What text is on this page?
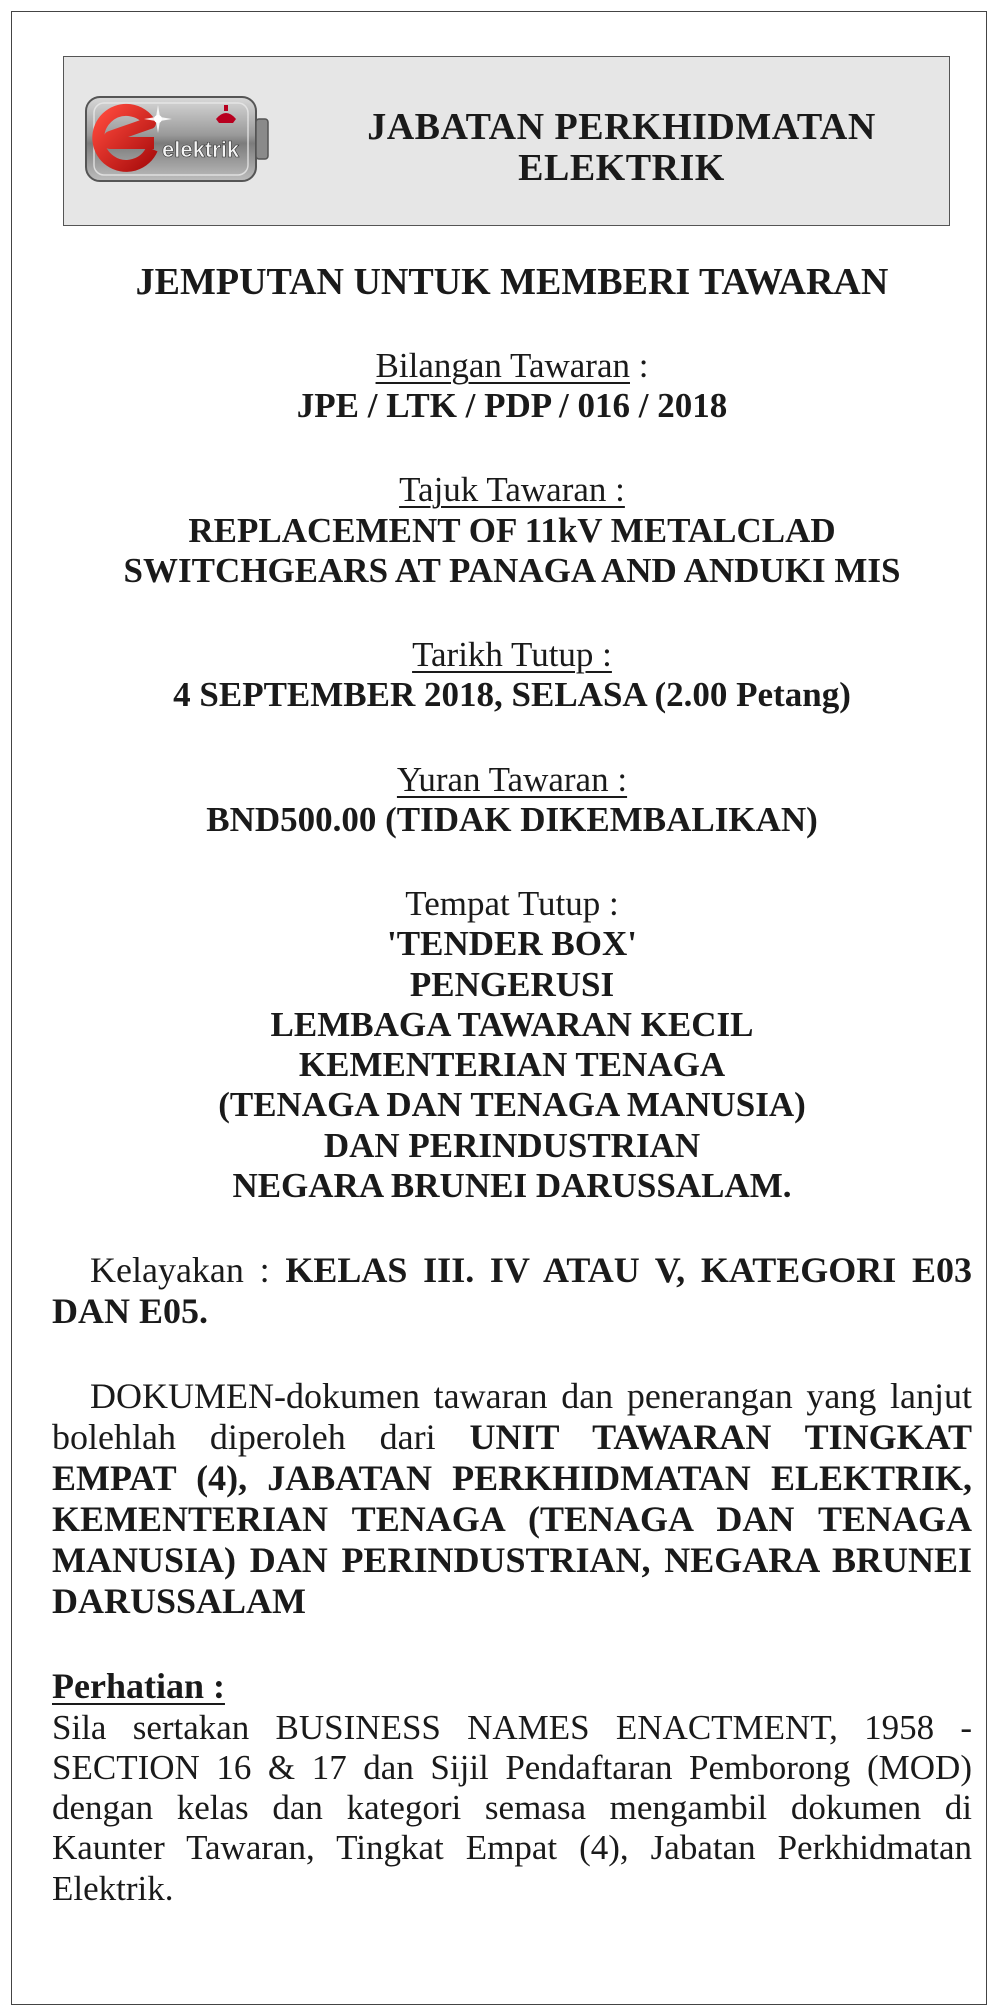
elektrik
JABATAN PERKHIDMATAN
ELEKTRIK
JEMPUTAN UNTUK MEMBERI TAWARAN
Bilangan Tawaran :
JPE / LTK / PDP / 016 / 2018
Tajuk Tawaran :
REPLACEMENT OF 11kV METALCLAD
SWITCHGEARS AT PANAGA AND ANDUKI MIS
Tarikh Tutup :
4 SEPTEMBER 2018, SELASA (2.00 Petang)
Yuran Tawaran :
BND500.00 (TIDAK DIKEMBALIKAN)
Tempat Tutup :
'TENDER BOX'
PENGERUSI
LEMBAGA TAWARAN KECIL
KEMENTERIAN TENAGA
(TENAGA DAN TENAGA MANUSIA)
DAN PERINDUSTRIAN
NEGARA BRUNEI DARUSSALAM.
Kelayakan : KELAS III. IV ATAU V, KATEGORI E03 DAN E05.
DOKUMEN-dokumen tawaran dan penerangan yang lanjut bolehlah diperoleh dari UNIT TAWARAN TINGKAT EMPAT (4), JABATAN PERKHIDMATAN ELEKTRIK, KEMENTERIAN TENAGA (TENAGA DAN TENAGA MANUSIA) DAN PERINDUSTRIAN, NEGARA BRUNEI DARUSSALAM
Perhatian :
Sila sertakan BUSINESS NAMES ENACTMENT, 1958 - SECTION 16 & 17 dan Sijil Pendaftaran Pemborong (MOD) dengan kelas dan kategori semasa mengambil dokumen di Kaunter Tawaran, Tingkat Empat (4), Jabatan Perkhidmatan Elektrik.
